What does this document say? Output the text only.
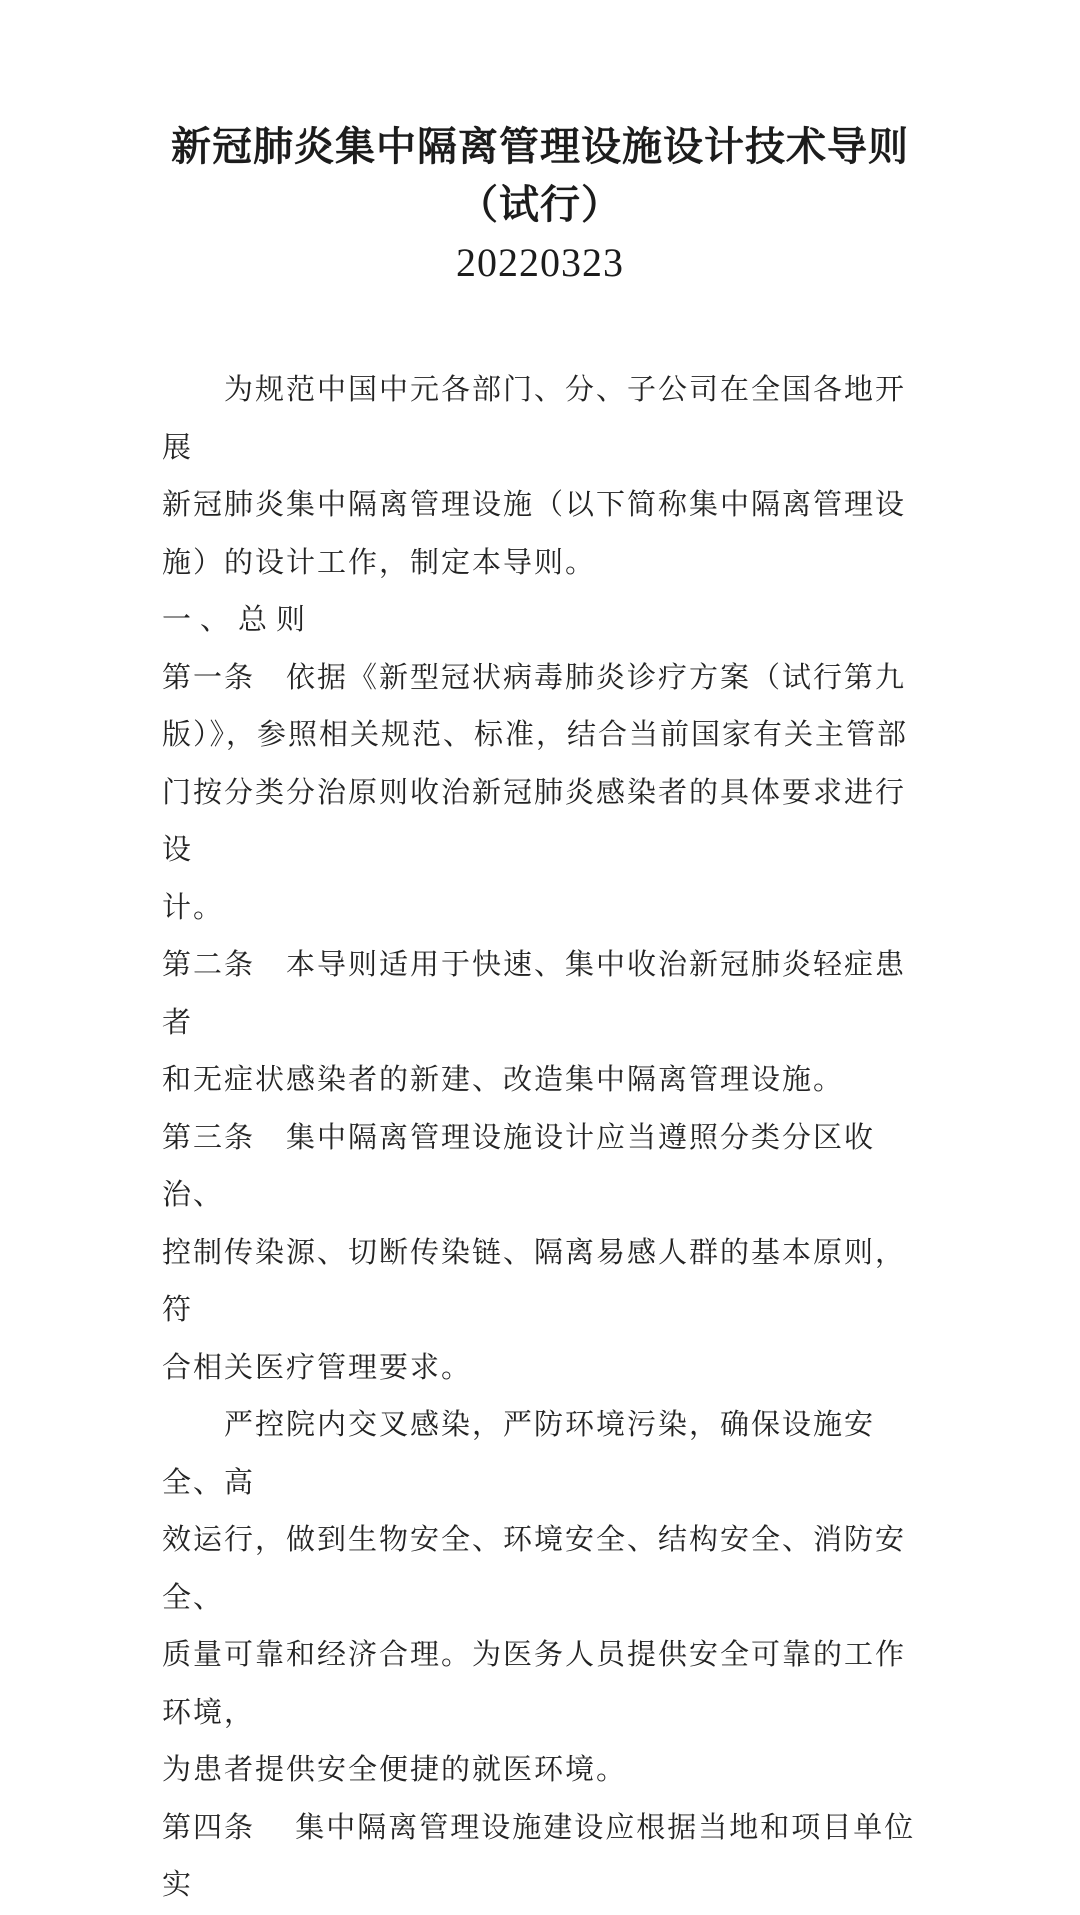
新冠肺炎集中隔离管理设施设计技术导则
（试行）
20220323
　　为规范中国中元各部门、分、子公司在全国各地开展
新冠肺炎集中隔离管理设施（以下简称集中隔离管理设
施）的设计工作，制定本导则。
一、总则
第一条　依据《新型冠状病毒肺炎诊疗方案（试行第九
版）》，参照相关规范、标准，结合当前国家有关主管部
门按分类分治原则收治新冠肺炎感染者的具体要求进行设
计。
第二条　本导则适用于快速、集中收治新冠肺炎轻症患者
和无症状感染者的新建、改造集中隔离管理设施。
第三条　集中隔离管理设施设计应当遵照分类分区收治、
控制传染源、切断传染链、隔离易感人群的基本原则，符
合相关医疗管理要求。
　　严控院内交叉感染，严防环境污染，确保设施安全、高
效运行，做到生物安全、环境安全、结构安全、消防安全、
质量可靠和经济合理。为医务人员提供安全可靠的工作环境，
为患者提供安全便捷的就医环境。
第四条　 集中隔离管理设施建设应根据当地和项目单位实
